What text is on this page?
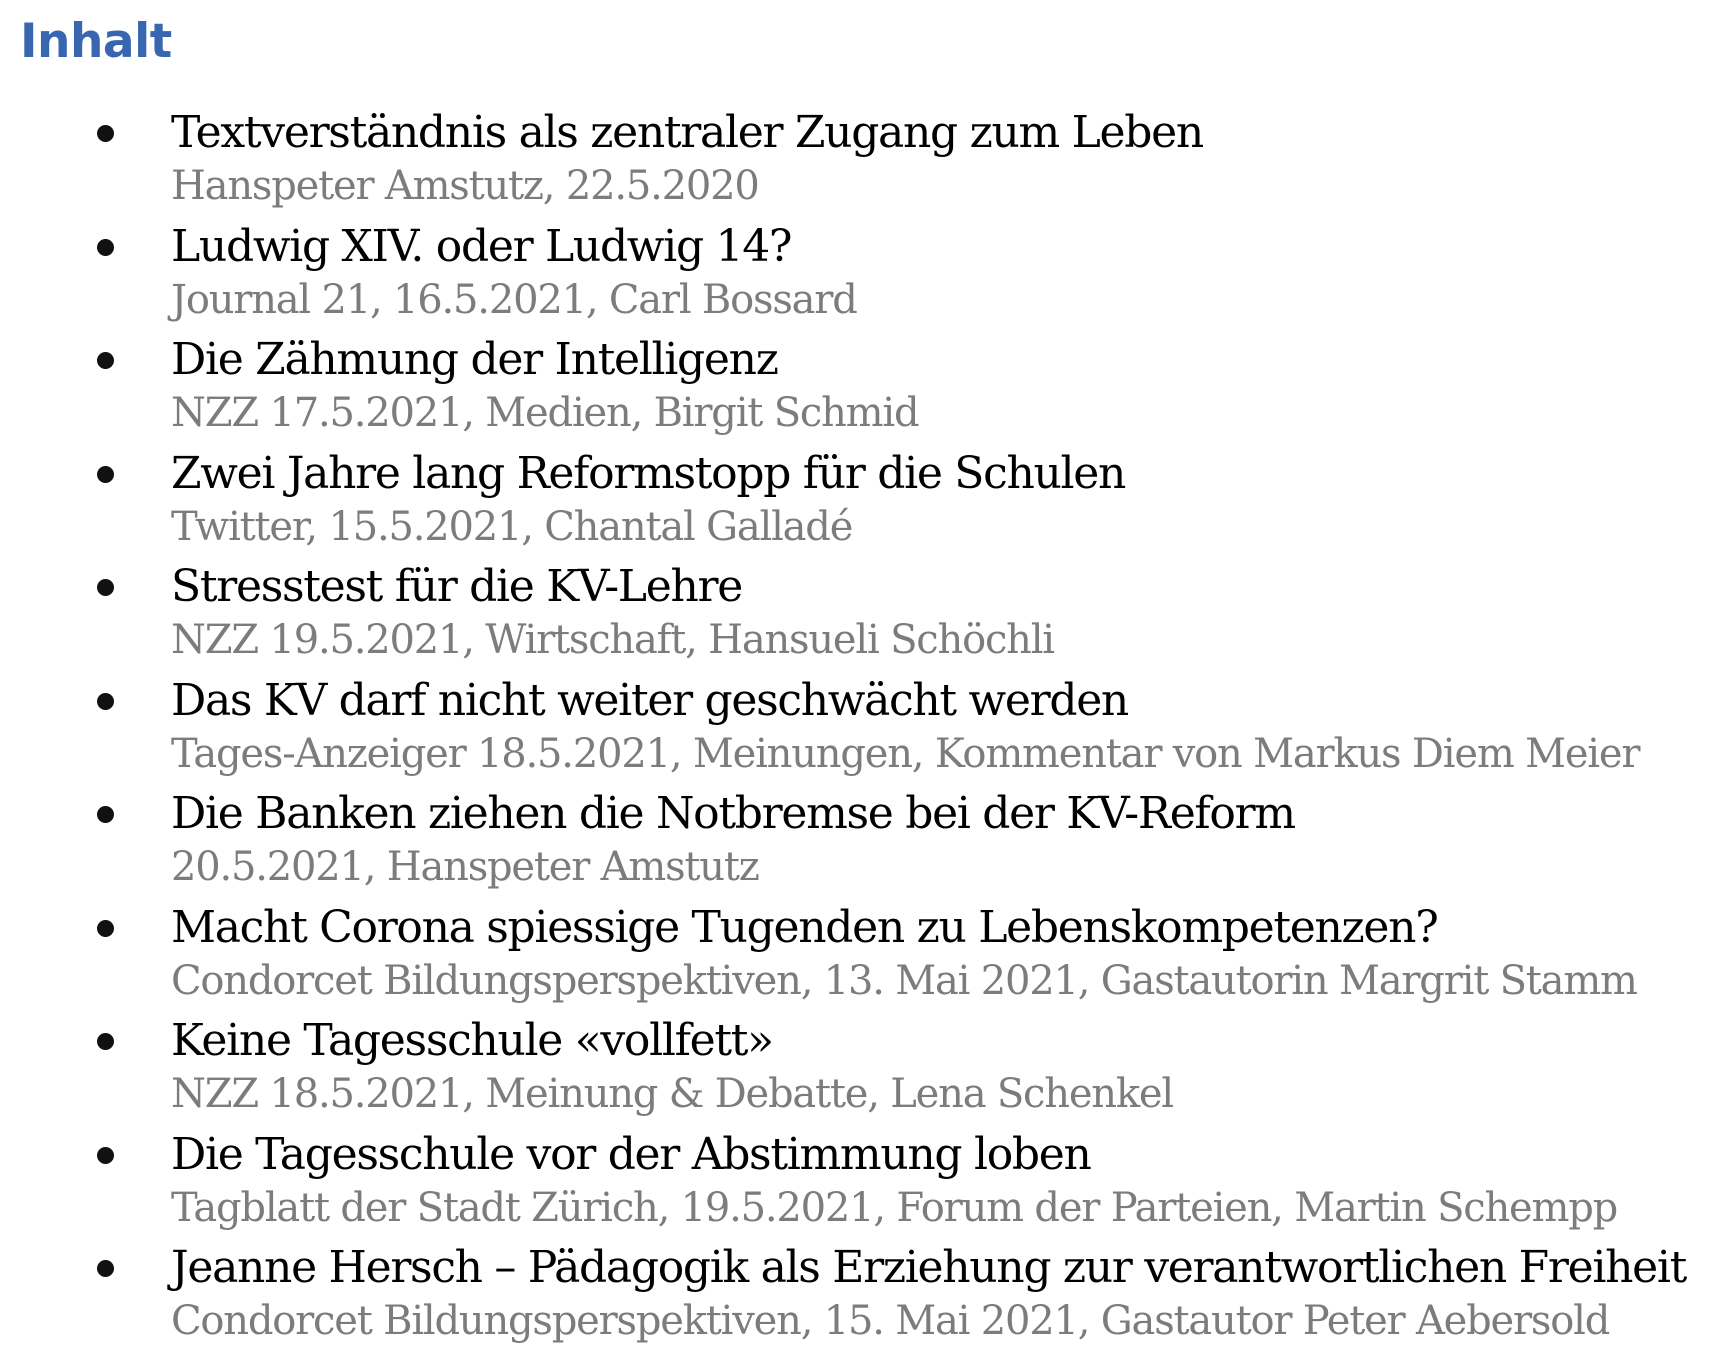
Inhalt
Textverständnis als zentraler Zugang zum Leben
Hanspeter Amstutz, 22.5.2020
Ludwig XIV. oder Ludwig 14?
Journal 21, 16.5.2021, Carl Bossard
Die Zähmung der Intelligenz
NZZ 17.5.2021, Medien, Birgit Schmid
Zwei Jahre lang Reformstopp für die Schulen
Twitter, 15.5.2021, Chantal Galladé
Stresstest für die KV-Lehre
NZZ 19.5.2021, Wirtschaft, Hansueli Schöchli
Das KV darf nicht weiter geschwächt werden
Tages-Anzeiger 18.5.2021, Meinungen, Kommentar von Markus Diem Meier
Die Banken ziehen die Notbremse bei der KV-Reform
20.5.2021, Hanspeter Amstutz
Macht Corona spiessige Tugenden zu Lebenskompetenzen?
Condorcet Bildungsperspektiven, 13. Mai 2021, Gastautorin Margrit Stamm
Keine Tagesschule «vollfett»
NZZ 18.5.2021, Meinung & Debatte, Lena Schenkel
Die Tagesschule vor der Abstimmung loben
Tagblatt der Stadt Zürich, 19.5.2021, Forum der Parteien, Martin Schempp
Jeanne Hersch – Pädagogik als Erziehung zur verantwortlichen Freiheit
Condorcet Bildungsperspektiven, 15. Mai 2021, Gastautor Peter Aebersold
